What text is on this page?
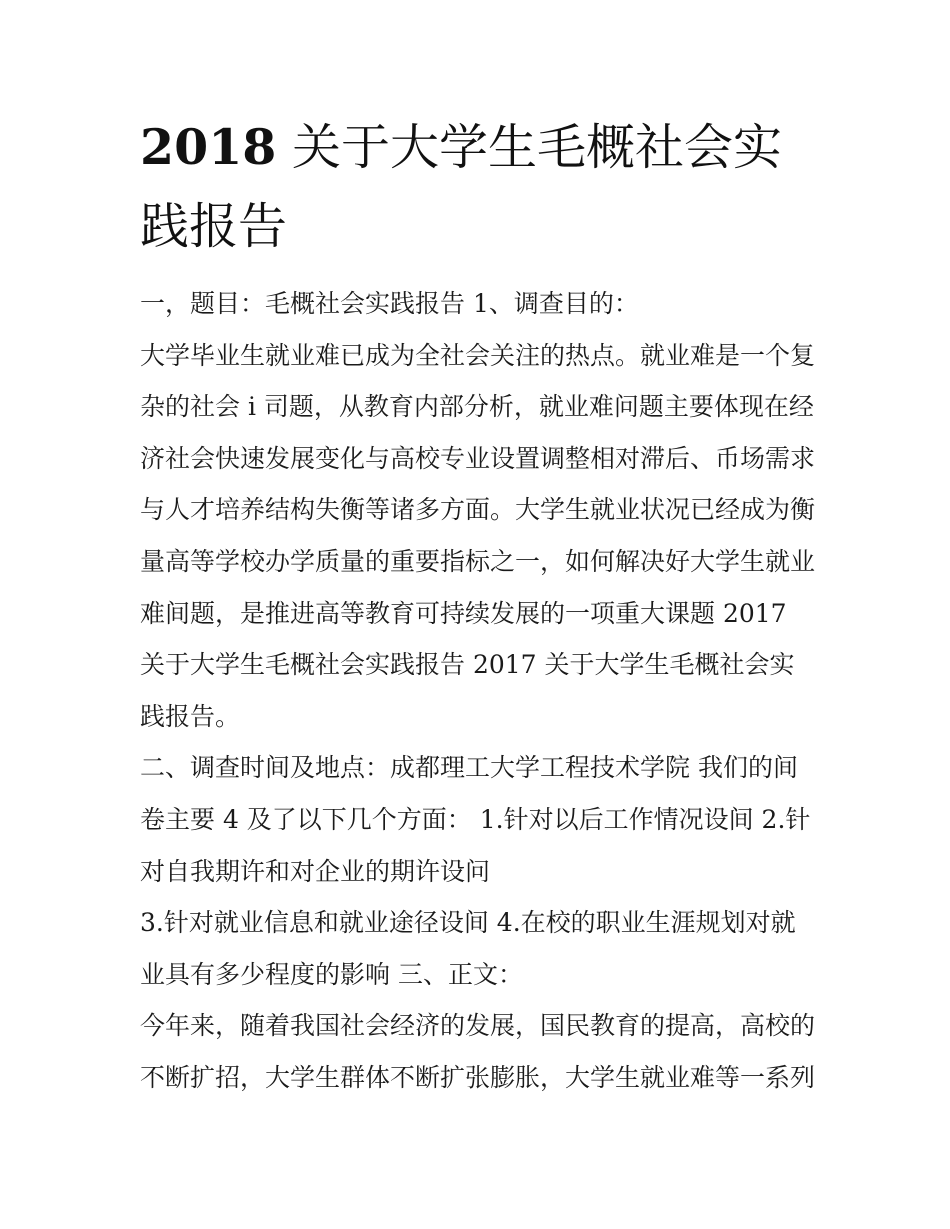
2018 关于大学生毛概社会实践报告

一，题目：毛概社会实践报告 1、调查目的：

大学毕业生就业难已成为全社会关注的热点。就业难是一个复杂的社会 i 司题，从教育内部分析，就业难问题主要体现在经济社会快速发展变化与高校专业设置调整相对滞后、币场需求与人才培养结构失衡等诸多方面。大学生就业状况已经成为衡量高等学校办学质量的重要指标之一，如何解决好大学生就业难间题，是推进高等教育可持续发展的一项重大课题 2017 关于大学生毛概社会实践报告 2017 关于大学生毛概社会实践报告。

二、调查时间及地点：成都理工大学工程技术学院 我们的间卷主要 4 及了以下几个方面： 1.针对以后工作情况设间 2.针对自我期许和对企业的期许设问

3.针对就业信息和就业途径设间 4.在校的职业生涯规划对就业具有多少程度的影响 三、正文：

今年来，随着我国社会经济的发展，国民教育的提高，高校的不断扩招，大学生群体不断扩张膨胀，大学生就业难等一系列
